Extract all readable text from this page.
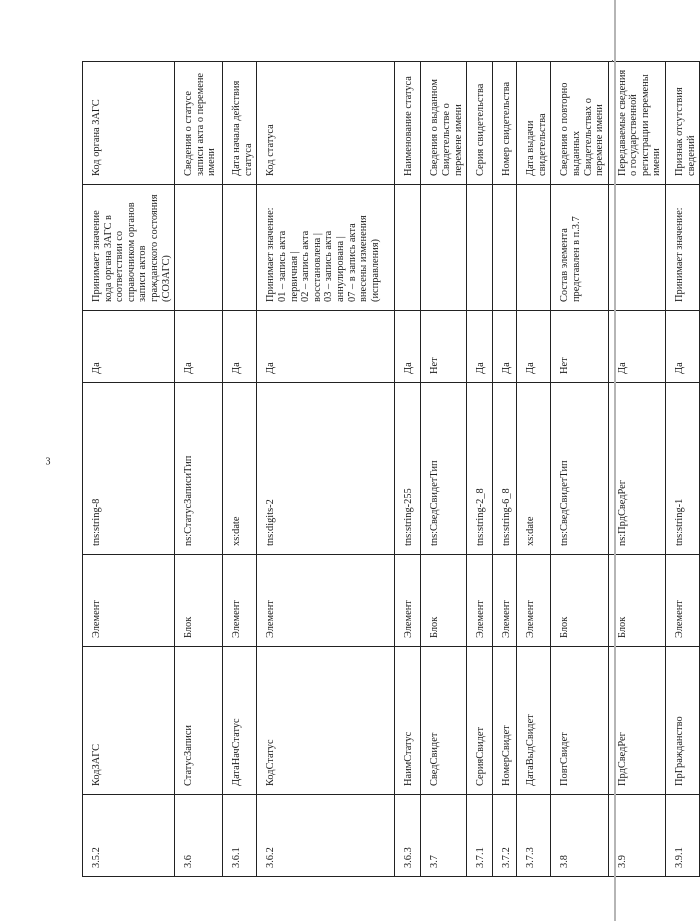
3
3.5.2	КодЗАГС	Элемент	tns:string-8	Да	Принимает значение кода органа ЗАГС в соответствии со справочником органов записи актов гражданского состояния (СОЗАГС)	Код органа ЗАГС
3.6	СтатусЗаписи	Блок	ns:СтатусЗаписиТип	Да		Сведения о статусе записи акта о перемене имени
3.6.1	ДатаНачСтатус	Элемент	xs:date	Да		Дата начала действия статуса
3.6.2	КодСтатус	Элемент	tns:digits-2	Да	Принимает значение:
01 – запись акта первичная |
02 – запись акта восстановлена |
03 – запись акта аннулирована |
07 – в запись акта внесены изменения (исправления)	Код статуса
3.6.3	НаимСтатус	Элемент	tns:string-255	Да		Наименование статуса
3.7	СведСвидет	Блок	tns:СведСвидетТип	Нет		Сведения о выданном Свидетельстве о перемене имени
3.7.1	СерияСвидет	Элемент	tns:string-2_8	Да		Серия свидетельства
3.7.2	НомерСвидет	Элемент	tns:string-6_8	Да		Номер свидетельства
3.7.3	ДатаВыдСвидет	Элемент	xs:date	Да		Дата выдачи свидетельства
3.8	ПовтСвидет	Блок	tns:СведСвидетТип	Нет	Состав элемента представлен в п.3.7	Сведения о повторно выданных Свидетельствах о перемене имени
3.9	ПрдСведРег	Блок	ns:ПрдСведРег	Да		Передаваемые сведения о государственной регистрации перемены имени
3.9.1	ПрГражданство	Элемент	tns:string-1	Да	Принимает значение:	Признак отсутствия сведений
